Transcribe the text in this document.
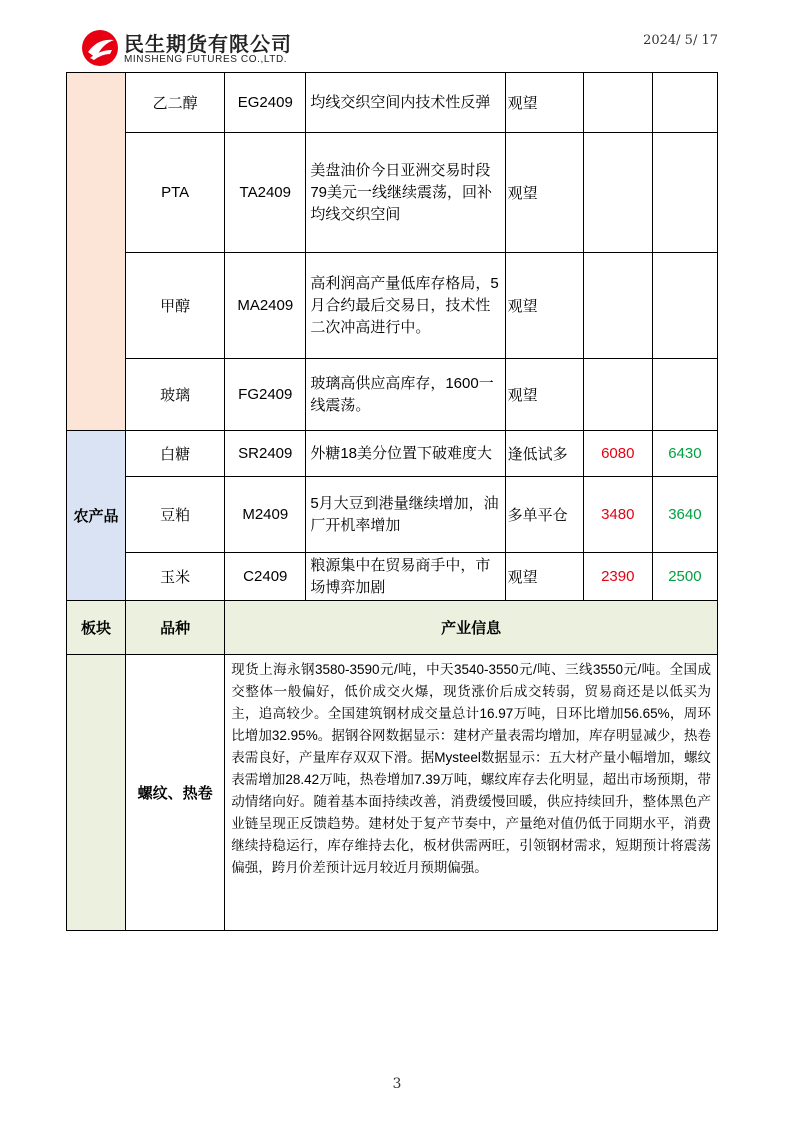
民生期货有限公司
MINSHENG FUTURES CO.,LTD.
2024/ 5/ 17
	乙二醇	EG2409	均线交织空间内技术性反弹	观望		
	PTA	TA2409	美盘油价今日亚洲交易时段79美元一线继续震荡，回补均线交织空间	观望		
	甲醇	MA2409	高利润高产量低库存格局，5月合约最后交易日，技术性二次冲高进行中。	观望		
	玻璃	FG2409	玻璃高供应高库存，1600一线震荡。	观望		
农产品	白糖	SR2409	外糖18美分位置下破难度大	逢低试多	6080	6430
	豆粕	M2409	5月大豆到港量继续增加，油厂开机率增加	多单平仓	3480	3640
	玉米	C2409	粮源集中在贸易商手中，市场博弈加剧	观望	2390	2500
板块	品种	产业信息				
	螺纹、热卷	现货上海永钢3580-3590元/吨，中天3540-3550元/吨、三线3550元/吨。全国成交整体一般偏好，低价成交火爆，现货涨价后成交转弱，贸易商还是以低买为主，追高较少。全国建筑钢材成交量总计16.97万吨，日环比增加56.65%，周环比增加32.95%。据钢谷网数据显示：建材产量表需均增加，库存明显减少，热卷表需良好，产量库存双双下滑。据Mysteel数据显示：五大材产量小幅增加，螺纹表需增加28.42万吨，热卷增加7.39万吨，螺纹库存去化明显，超出市场预期，带动情绪向好。随着基本面持续改善，消费缓慢回暖，供应持续回升，整体黑色产业链呈现正反馈趋势。建材处于复产节奏中，产量绝对值仍低于同期水平，消费继续持稳运行，库存维持去化，板材供需两旺，引领钢材需求，短期预计将震荡偏强，跨月价差预计远月较近月预期偏强。				
3
